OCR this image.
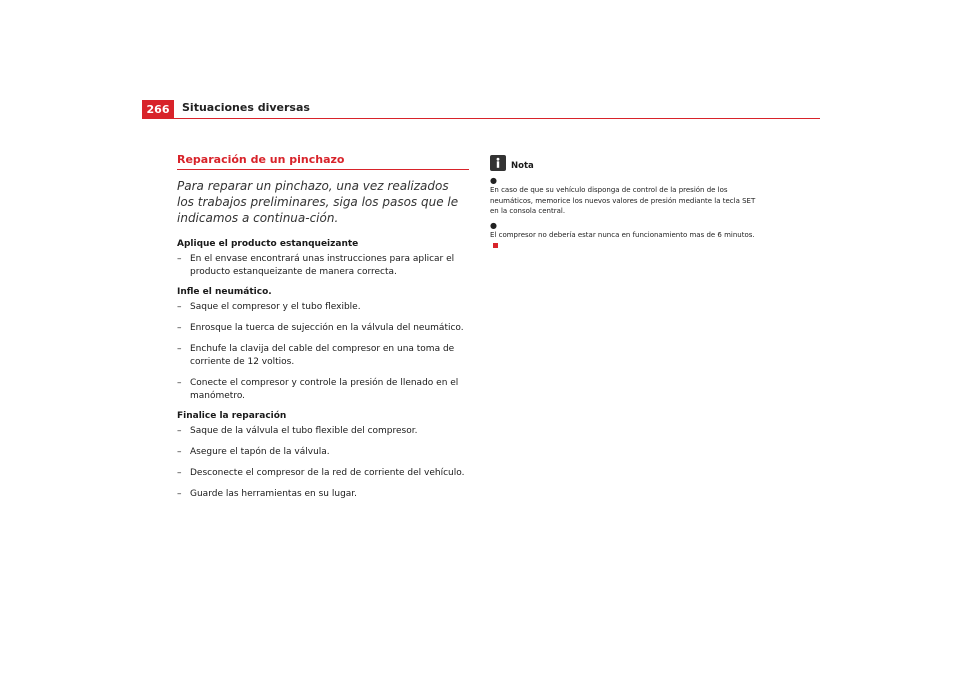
266	Situaciones diversas
Reparación de un pinchazo

Para reparar un pinchazo, una vez realizados los trabajos preliminares, siga los pasos que le indicamos a continua-ción.

Aplique el producto estanqueizante

– En el envase encontrará unas instrucciones para aplicar el producto estanqueizante de manera correcta.

Infle el neumático.

– Saque el compresor y el tubo flexible.

– Enrosque la tuerca de sujección en la válvula del neumático.

– Enchufe la clavija del cable del compresor en una toma de corriente de 12 voltios.

– Conecte el compresor y controle la presión de llenado en el manómetro.

Finalice la reparación

– Saque de la válvula el tubo flexible del compresor.

– Asegure el tapón de la válvula.

– Desconecte el compresor de la red de corriente del vehículo.

– Guarde las herramientas en su lugar.

Nota

●
En caso de que su vehículo disponga de control de la presión de los neumáticos, memorice los nuevos valores de presión mediante la tecla SET en la consola central.

●
El compresor no debería estar nunca en funcionamiento mas de 6 minutos.
